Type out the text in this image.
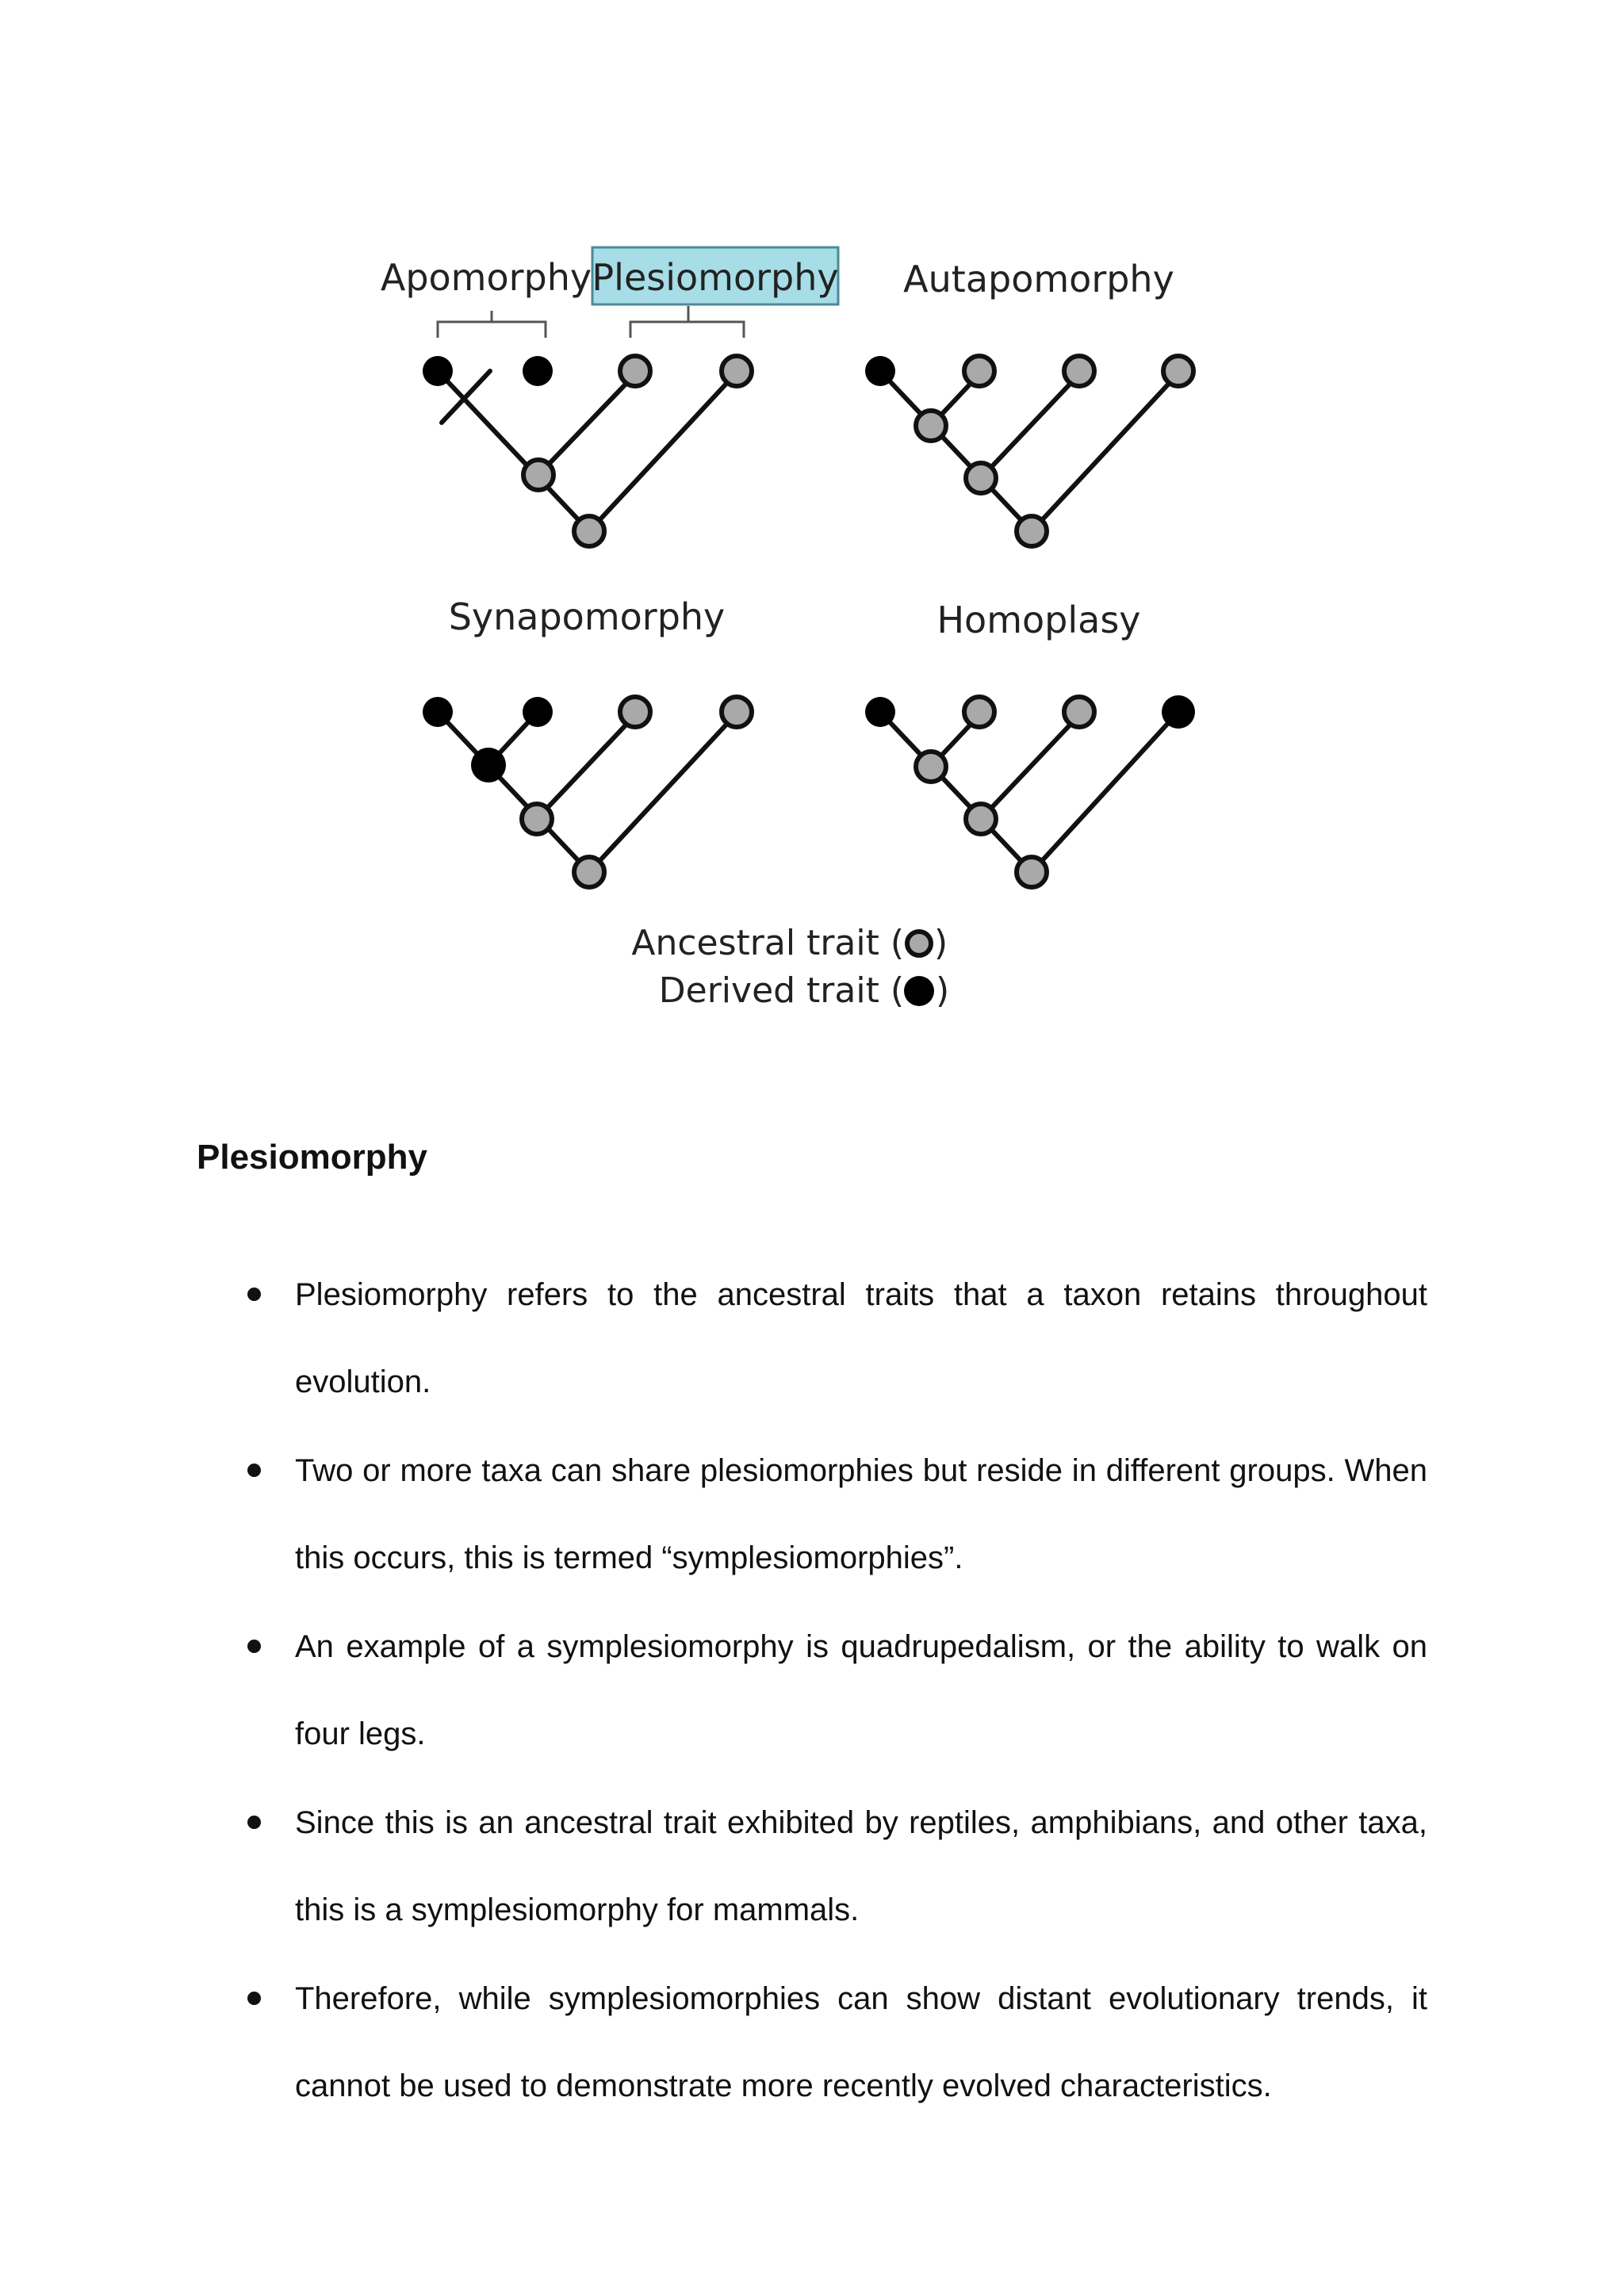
Apomorphy Plesiomorphy Autapomorphy
Synapomorphy	Homoplasy
Ancestral trait ( )
Derived trait ( )
Plesiomorphy
Plesiomorphy refers to the ancestral traits that a taxon retains throughout evolution.
Two or more taxa can share plesiomorphies but reside in different groups. When this occurs, this is termed “symplesiomorphies”.
An example of a symplesiomorphy is quadrupedalism, or the ability to walk on four legs.
Since this is an ancestral trait exhibited by reptiles, amphibians, and other taxa, this is a symplesiomorphy for mammals.
Therefore, while symplesiomorphies can show distant evolutionary trends, it cannot be used to demonstrate more recently evolved characteristics.
